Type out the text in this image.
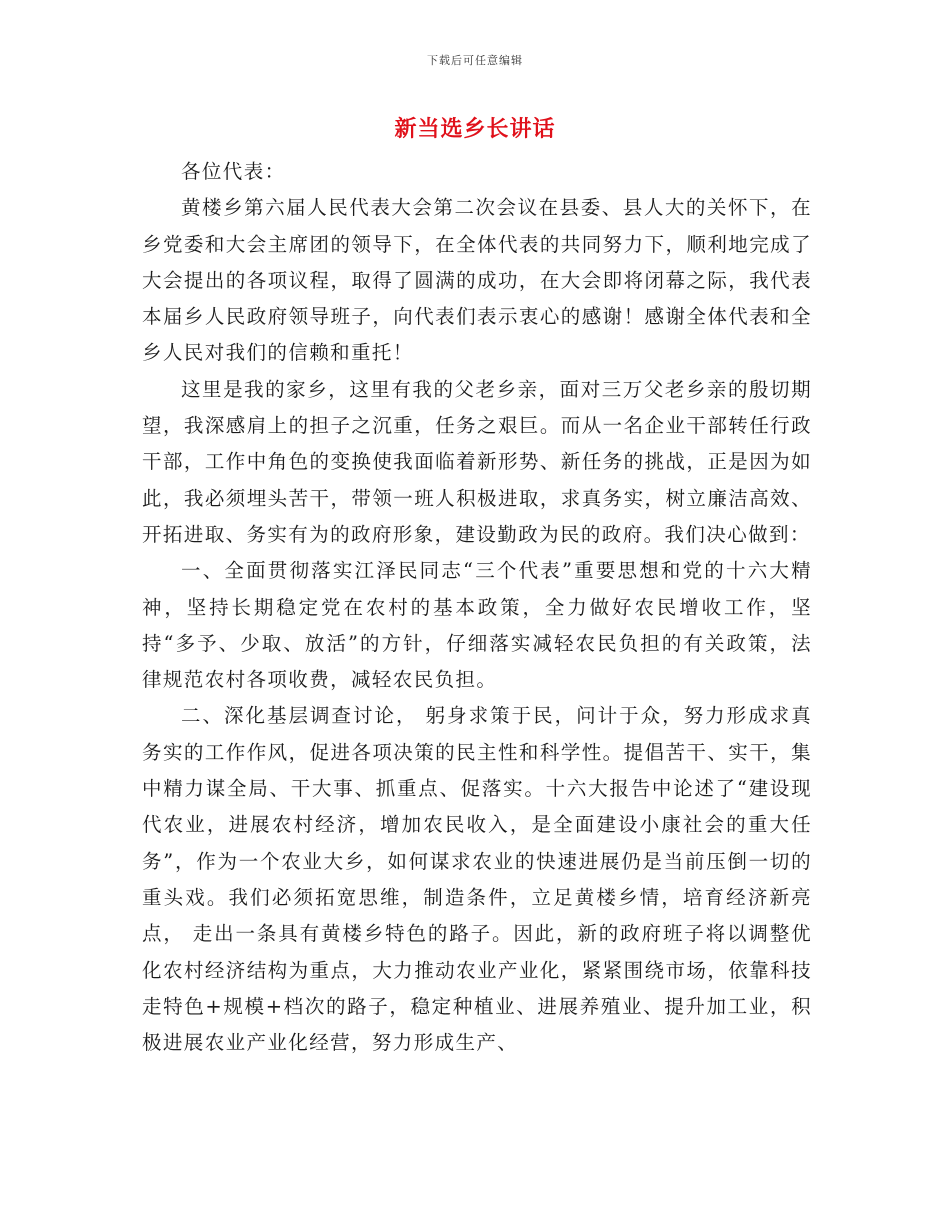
下载后可任意编辑
新当选乡长讲话

各位代表：

黄楼乡第六届人民代表大会第二次会议在县委、县人大的关怀下，在乡党委和大会主席团的领导下，在全体代表的共同努力下，顺利地完成了大会提出的各项议程，取得了圆满的成功，在大会即将闭幕之际，我代表本届乡人民政府领导班子，向代表们表示衷心的感谢！感谢全体代表和全乡人民对我们的信赖和重托！

这里是我的家乡，这里有我的父老乡亲，面对三万父老乡亲的殷切期望，我深感肩上的担子之沉重，任务之艰巨。而从一名企业干部转任行政干部，工作中角色的变换使我面临着新形势、新任务的挑战，正是因为如此，我必须埋头苦干，带领一班人积极进取，求真务实，树立廉洁高效、开拓进取、务实有为的政府形象，建设勤政为民的政府。我们决心做到：

一、全面贯彻落实江泽民同志“三个代表”重要思想和党的十六大精神，坚持长期稳定党在农村的基本政策，全力做好农民增收工作，坚持“多予、少取、放活”的方针，仔细落实减轻农民负担的有关政策，法律规范农村各项收费，减轻农民负担。

二、深化基层调查讨论， 躬身求策于民，问计于众，努力形成求真务实的工作作风，促进各项决策的民主性和科学性。提倡苦干、实干，集中精力谋全局、干大事、抓重点、促落实。十六大报告中论述了“建设现代农业，进展农村经济，增加农民收入，是全面建设小康社会的重大任务”，作为一个农业大乡，如何谋求农业的快速进展仍是当前压倒一切的重头戏。我们必须拓宽思维，制造条件，立足黄楼乡情，培育经济新亮点， 走出一条具有黄楼乡特色的路子。因此，新的政府班子将以调整优化农村经济结构为重点，大力推动农业产业化，紧紧围绕市场，依靠科技走特色+规模+档次的路子，稳定种植业、进展养殖业、提升加工业，积极进展农业产业化经营，努力形成生产、
